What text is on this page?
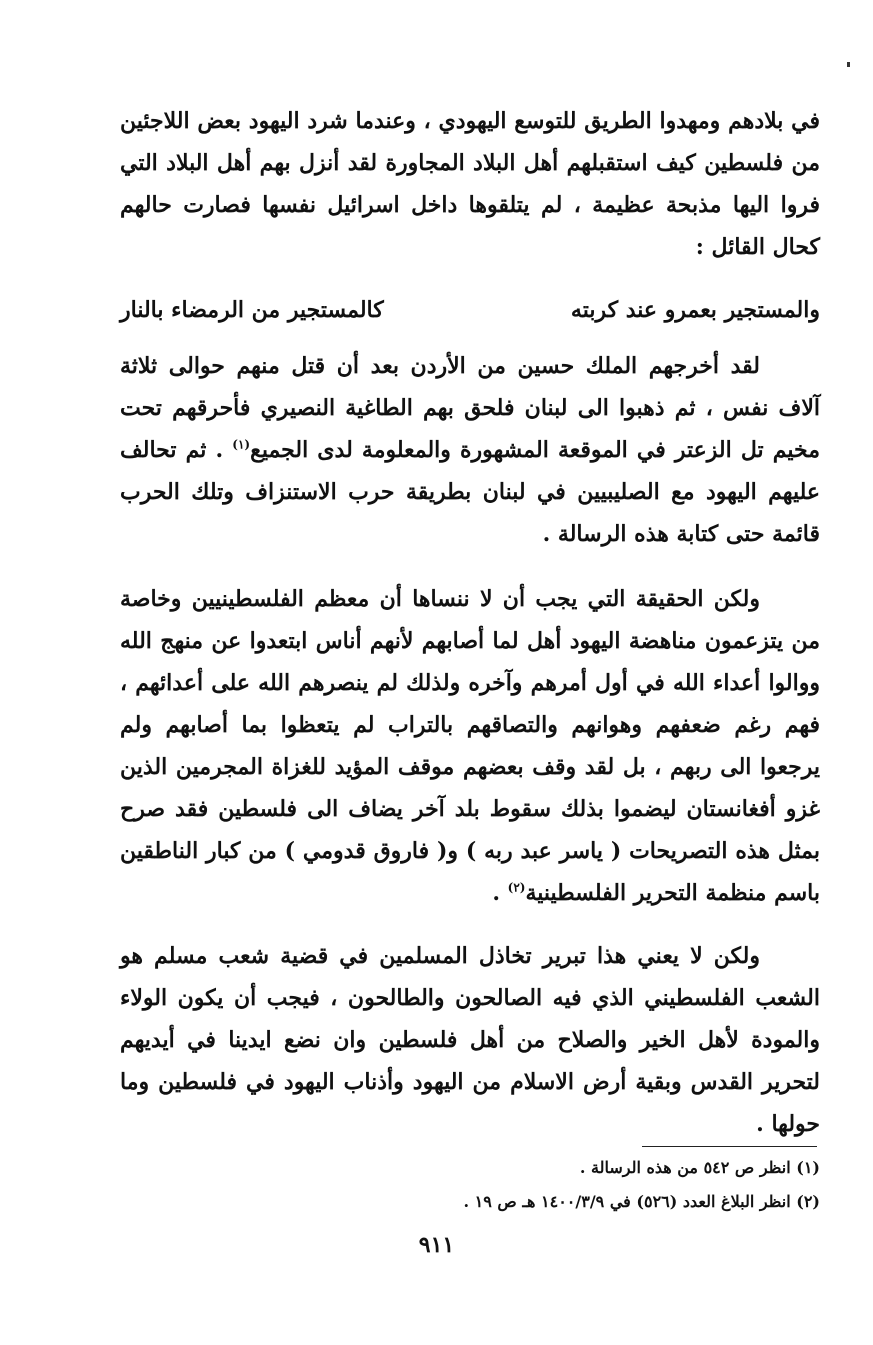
في بلادهم ومهدوا الطريق للتوسع اليهودي ، وعندما شرد اليهود بعض اللاجئين من فلسطين كيف استقبلهم أهل البلاد المجاورة لقد أنزل بهم أهل البلاد التي فروا اليها مذبحة عظيمة ، لم يتلقوها داخل اسرائيل نفسها فصارت حالهم كحال القائل :

والمستجير بعمرو عند كربته
كالمستجير من الرمضاء بالنار

لقد أخرجهم الملك حسين من الأردن بعد أن قتل منهم حوالى ثلاثة آلاف نفس ، ثم ذهبوا الى لبنان فلحق بهم الطاغية النصيري فأحرقهم تحت مخيم تل الزعتر في الموقعة المشهورة والمعلومة لدى الجميع$^{(١)}$ . ثم تحالف عليهم اليهود مع الصليبيين في لبنان بطريقة حرب الاستنزاف وتلك الحرب قائمة حتى كتابة هذه الرسالة .

ولكن الحقيقة التي يجب أن لا ننساها أن معظم الفلسطينيين وخاصة من يتزعمون مناهضة اليهود أهل لما أصابهم لأنهم أناس ابتعدوا عن منهج الله ووالوا أعداء الله في أول أمرهم وآخره ولذلك لم ينصرهم الله على أعدائهم ، فهم رغم ضعفهم وهوانهم والتصاقهم بالتراب لم يتعظوا بما أصابهم ولم يرجعوا الى ربهم ، بل لقد وقف بعضهم موقف المؤيد للغزاة المجرمين الذين غزو أفغانستان ليضموا بذلك سقوط بلد آخر يضاف الى فلسطين فقد صرح بمثل هذه التصريحات ( ياسر عبد ربه ) و( فاروق قدومي ) من كبار الناطقين باسم منظمة التحرير الفلسطينية$^{(٢)}$ .

ولكن لا يعني هذا تبرير تخاذل المسلمين في قضية شعب مسلم هو الشعب الفلسطيني الذي فيه الصالحون والطالحون ، فيجب أن يكون الولاء والمودة لأهل الخير والصلاح من أهل فلسطين وان نضع ايدينا في أيديهم لتحرير القدس وبقية أرض الاسلام من اليهود وأذناب اليهود في فلسطين وما حولها .

(١) انظر ص ٥٤٢ من هذه الرسالة .
(٢) انظر البلاغ العدد (٥٢٦) في ١٤٠٠/٣/٩ هـ ص ١٩ .
٩١١
